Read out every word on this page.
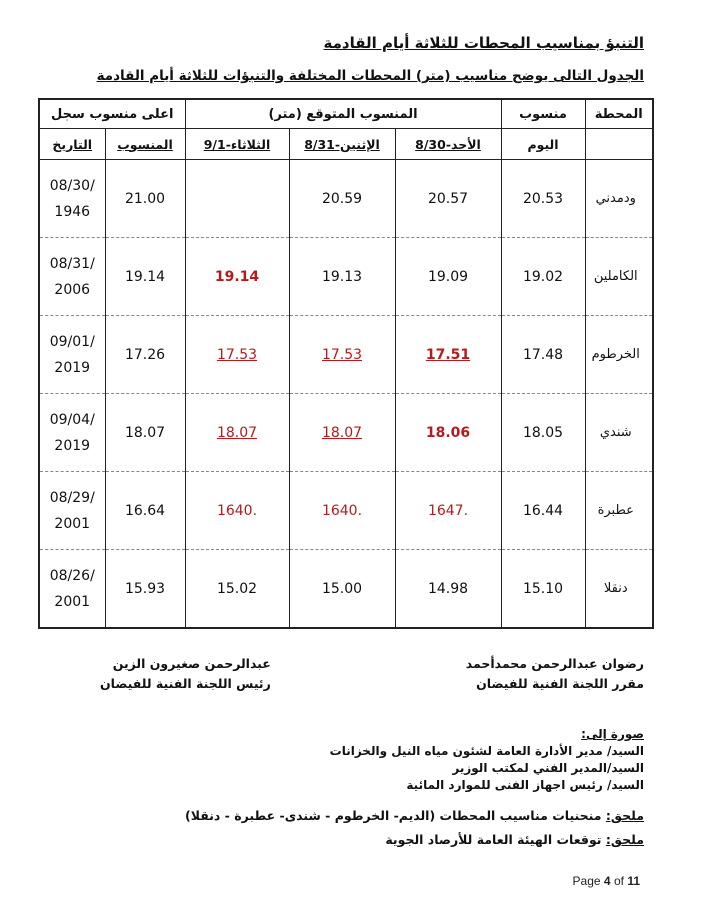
التنبؤ بمناسيب المحطات للثلاثة أيام القادمة
الجدول التالى يوضح مناسيب (متر) المحطات المختلفة والتنبؤات للثلاثة أيام القادمة
المحطة	منسوب	المنسوب المتوقع (متر)			اعلى منسوب سجل	
	اليوم	الأحد-8/30	الإثنين-8/31	الثلاثاء-9/1	المنسوب	التاريخ
ودمدني	20.53	20.57	20.59		21.00	08/30/
1946
الكاملين	19.02	19.09	19.13	19.14	19.14	08/31/
2006
الخرطوم	17.48	17.51	17.53	17.53	17.26	09/01/
2019
شندي	18.05	18.06	18.07	18.07	18.07	09/04/
2019
عطبرة	16.44	.1647	.1640	.1640	16.64	08/29/
2001
دنقلا	15.10	14.98	15.00	15.02	15.93	08/26/
2001
رضوان عبدالرحمن محمدأحمد
مقرر اللجنة الفنية للفيضان
عبدالرحمن صغيرون الزين
رئيس اللجنة الفنية للفيضان
صورة إلى:
السيد/ مدير الأدارة العامة لشئون مياه النيل والخزانات
السيد/المدير الفني لمكتب الوزير
السيد/ رئيس اجهاز الفنى للموارد المائية
ملحق: منحنيات مناسيب المحطات (الديم- الخرطوم - شندى- عطبرة - دنقلا)
ملحق: توقعات الهيئة العامة للأرصاد الجوية
Page 4 of 11
